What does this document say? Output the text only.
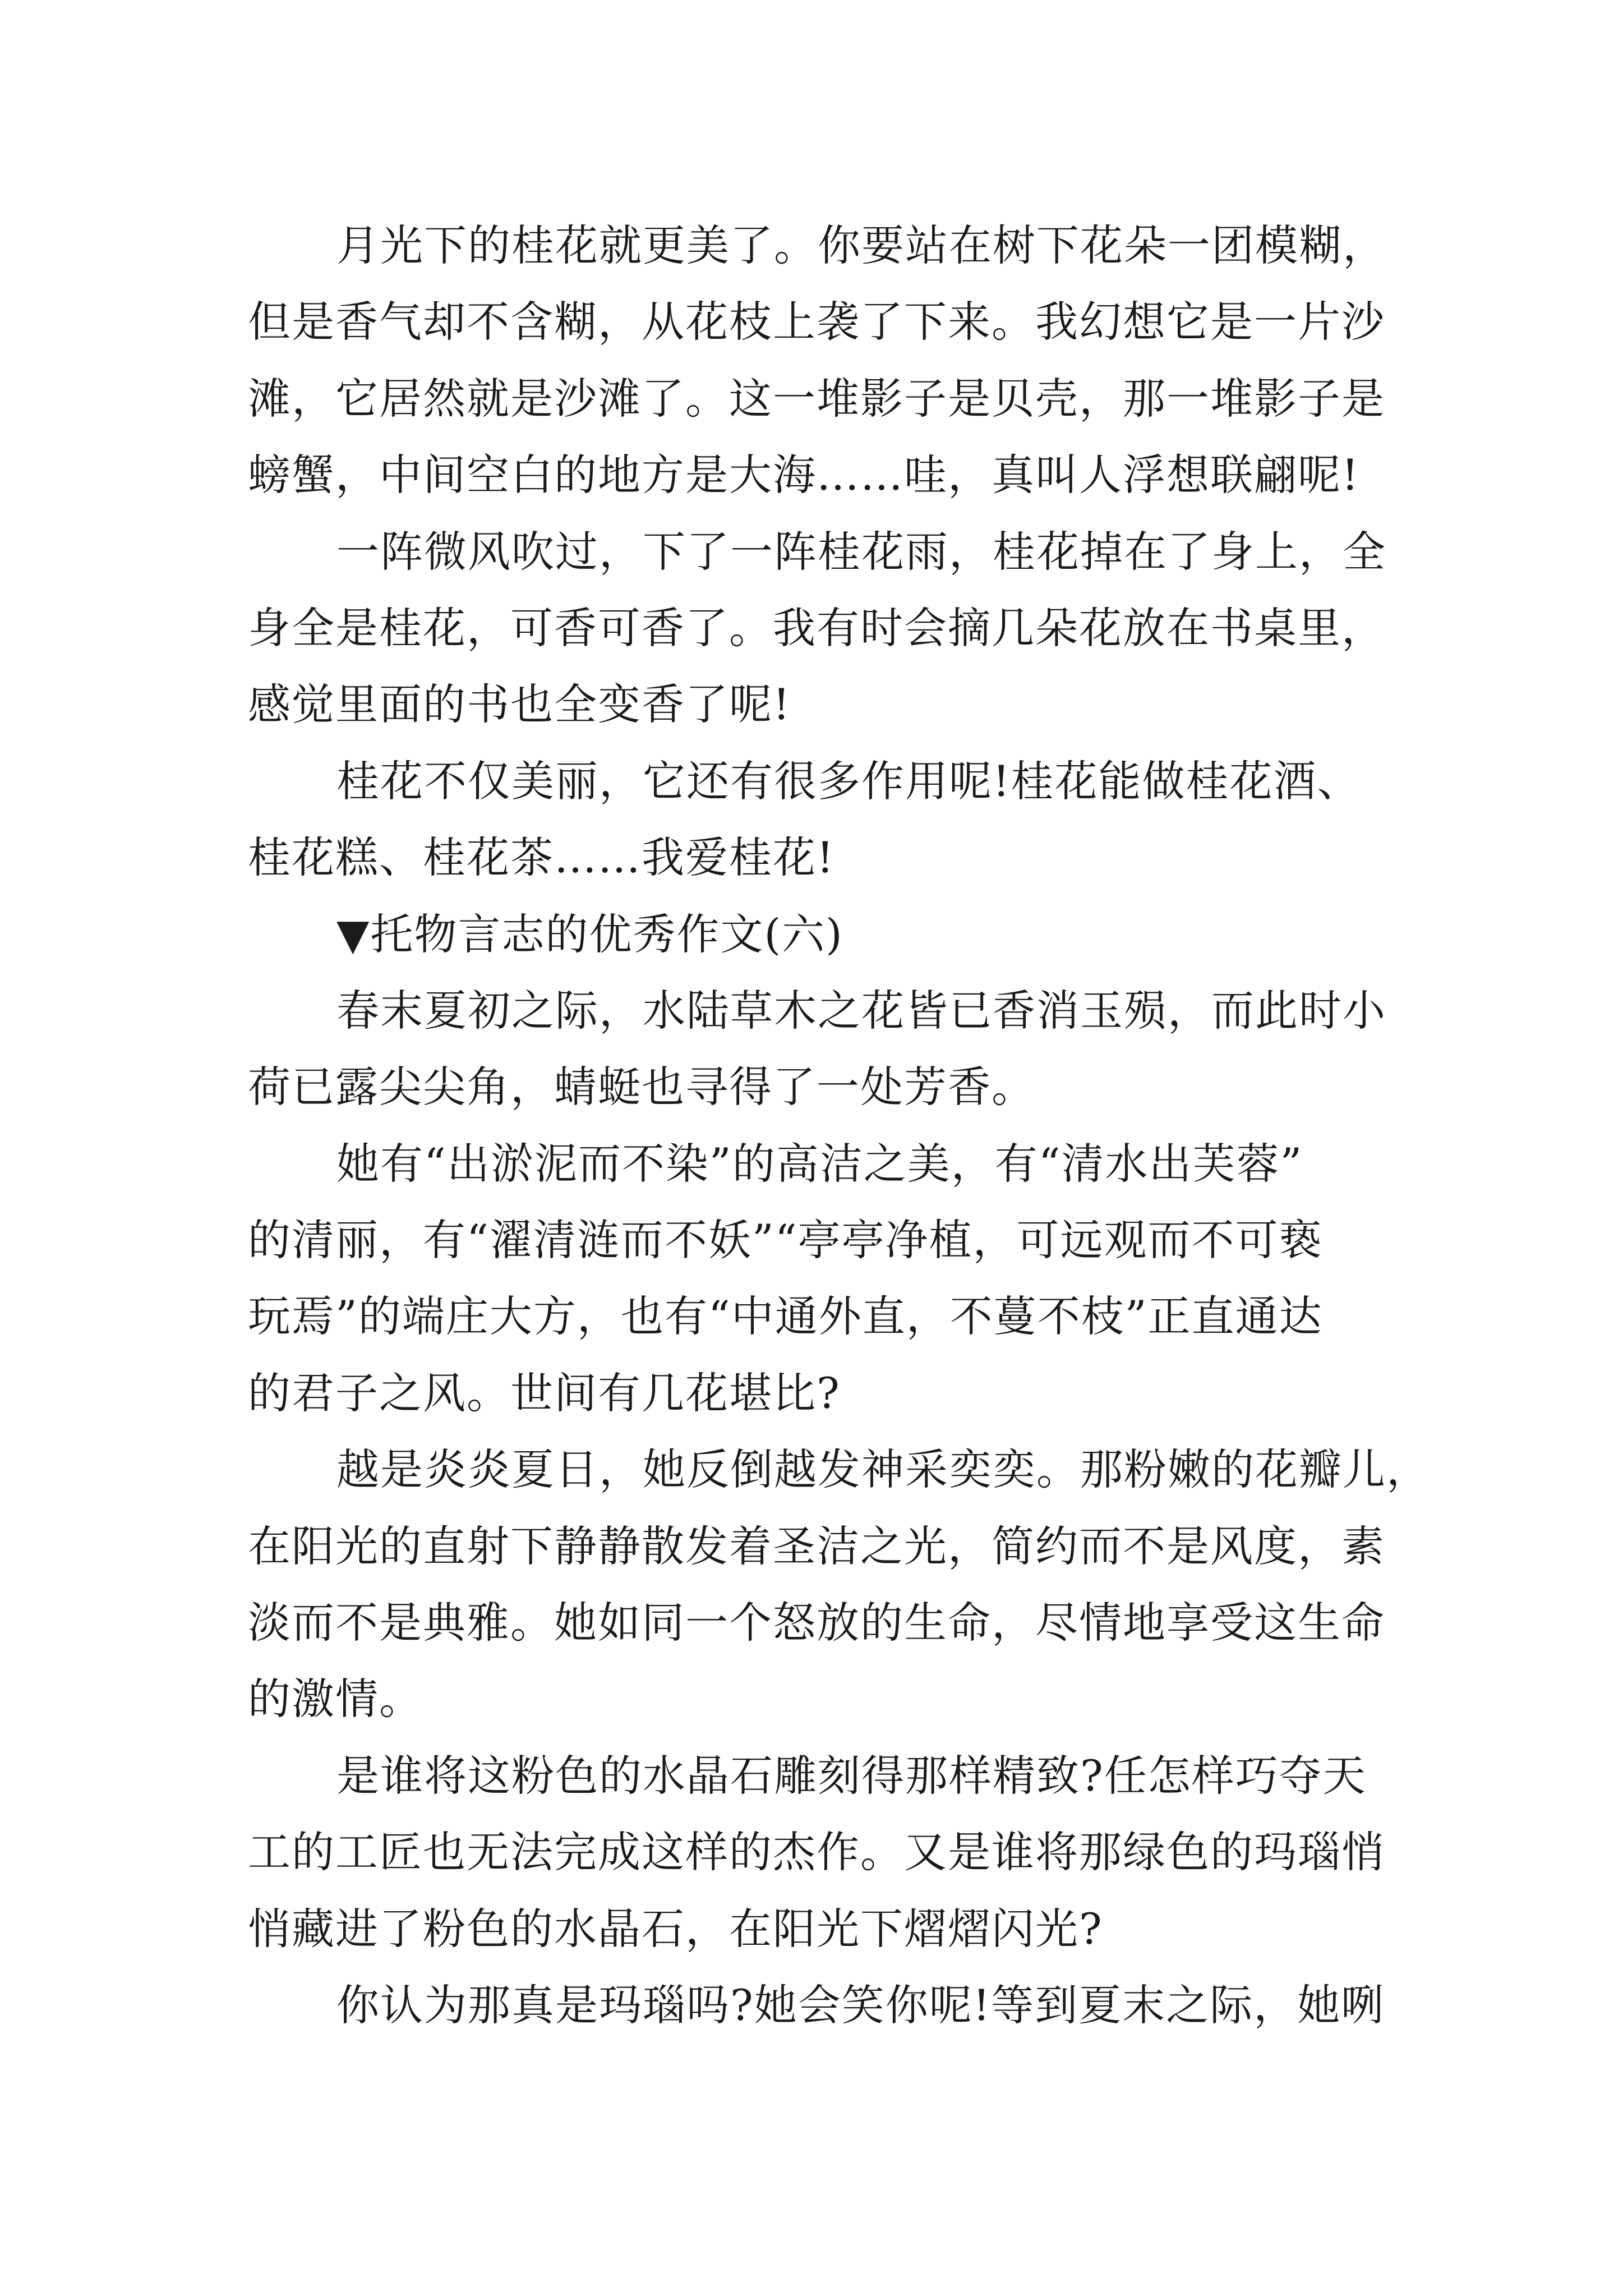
月光下的桂花就更美了。你要站在树下花朵一团模糊，
但是香气却不含糊，从花枝上袭了下来。我幻想它是一片沙
滩，它居然就是沙滩了。这一堆影子是贝壳，那一堆影子是
螃蟹，中间空白的地方是大海……哇，真叫人浮想联翩呢!
一阵微风吹过，下了一阵桂花雨，桂花掉在了身上，全
身全是桂花，可香可香了。我有时会摘几朵花放在书桌里，
感觉里面的书也全变香了呢!
桂花不仅美丽，它还有很多作用呢!桂花能做桂花酒、
桂花糕、桂花茶……我爱桂花!
▼托物言志的优秀作文(六)
春末夏初之际，水陆草木之花皆已香消玉殒，而此时小
荷已露尖尖角，蜻蜓也寻得了一处芳香。
她有“出淤泥而不染”的高洁之美，有“清水出芙蓉”
的清丽，有“濯清涟而不妖”“亭亭净植，可远观而不可亵
玩焉”的端庄大方，也有“中通外直，不蔓不枝”正直通达
的君子之风。世间有几花堪比?
越是炎炎夏日，她反倒越发神采奕奕。那粉嫩的花瓣儿，
在阳光的直射下静静散发着圣洁之光，简约而不是风度，素
淡而不是典雅。她如同一个怒放的生命，尽情地享受这生命
的激情。
是谁将这粉色的水晶石雕刻得那样精致?任怎样巧夺天
工的工匠也无法完成这样的杰作。又是谁将那绿色的玛瑙悄
悄藏进了粉色的水晶石，在阳光下熠熠闪光?
你认为那真是玛瑙吗?她会笑你呢!等到夏末之际，她咧
